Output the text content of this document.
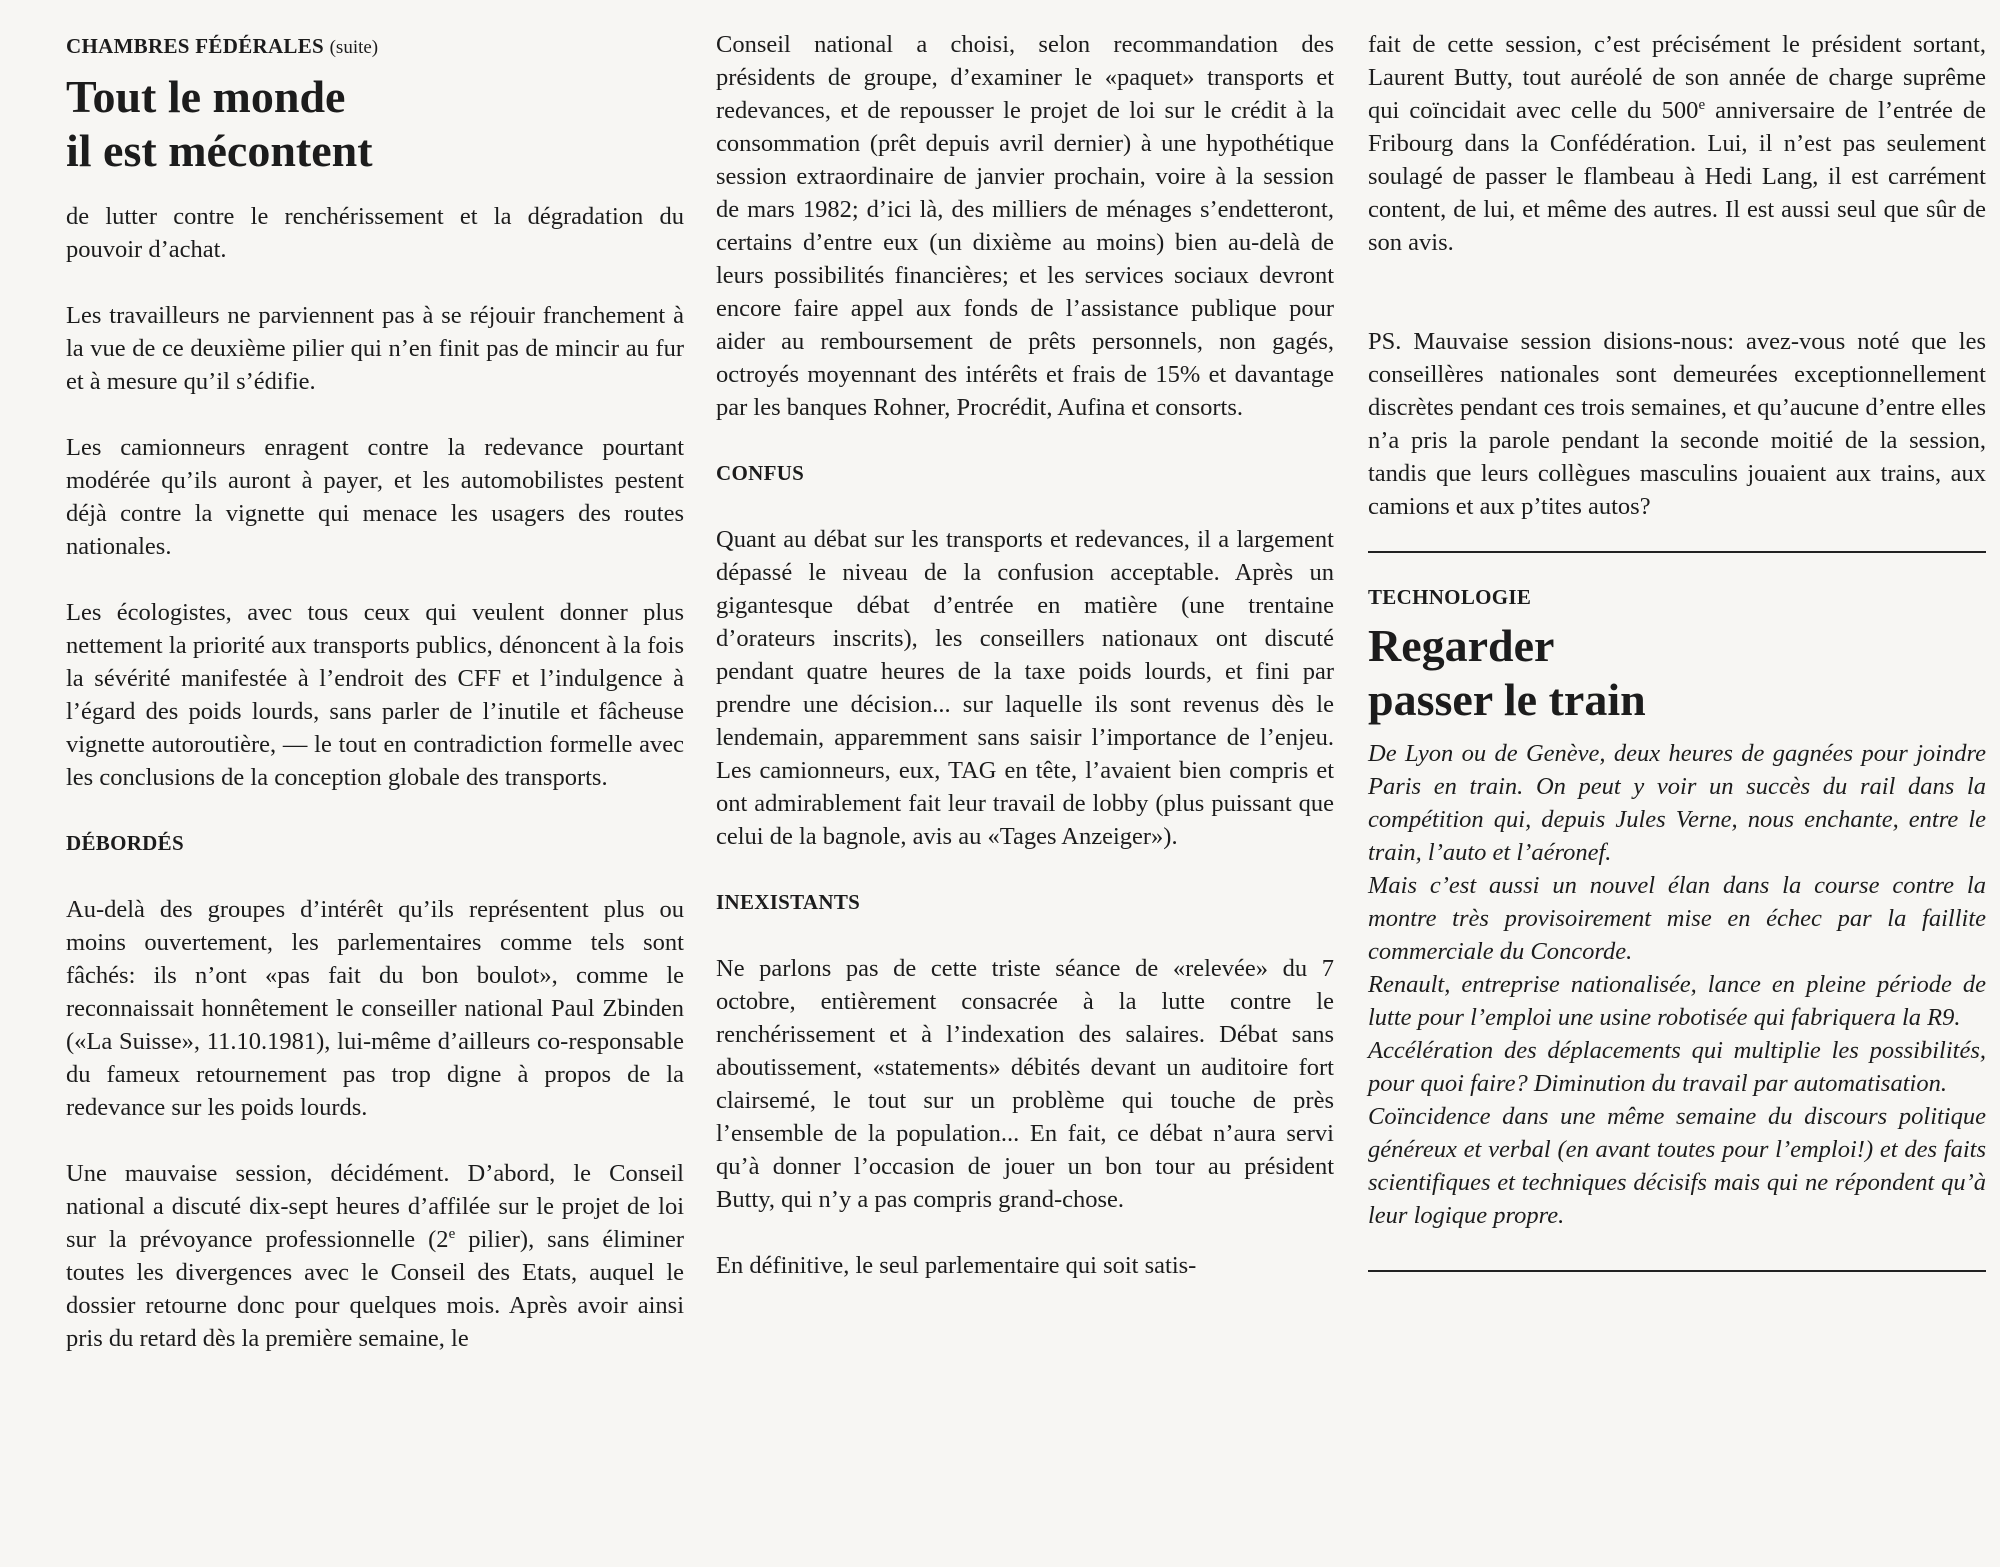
CHAMBRES FÉDÉRALES (suite)
Tout le monde
il est mécontent

de lutter contre le renchérissement et la dégradation du pouvoir d’achat.

Les travailleurs ne parviennent pas à se réjouir franchement à la vue de ce deuxième pilier qui n’en finit pas de mincir au fur et à mesure qu’il s’édifie.

Les camionneurs enragent contre la redevance pourtant modérée qu’ils auront à payer, et les automobilistes pestent déjà contre la vignette qui menace les usagers des routes nationales.

Les écologistes, avec tous ceux qui veulent donner plus nettement la priorité aux transports publics, dénoncent à la fois la sévérité manifestée à l’endroit des CFF et l’indulgence à l’égard des poids lourds, sans parler de l’inutile et fâcheuse vignette autoroutière, — le tout en contradiction formelle avec les conclusions de la conception globale des transports.

DÉBORDÉS

Au-delà des groupes d’intérêt qu’ils représentent plus ou moins ouvertement, les parlementaires comme tels sont fâchés: ils n’ont «pas fait du bon boulot», comme le reconnaissait honnêtement le conseiller national Paul Zbinden («La Suisse», 11.10.1981), lui-même d’ailleurs co-responsable du fameux retournement pas trop digne à propos de la redevance sur les poids lourds.

Une mauvaise session, décidément. D’abord, le Conseil national a discuté dix-sept heures d’affilée sur le projet de loi sur la prévoyance professionnelle (2e pilier), sans éliminer toutes les divergences avec le Conseil des Etats, auquel le dossier retourne donc pour quelques mois. Après avoir ainsi pris du retard dès la première semaine, le

Conseil national a choisi, selon recommandation des présidents de groupe, d’examiner le «paquet» transports et redevances, et de repousser le projet de loi sur le crédit à la consommation (prêt depuis avril dernier) à une hypothétique session extraordinaire de janvier prochain, voire à la session de mars 1982; d’ici là, des milliers de ménages s’endetteront, certains d’entre eux (un dixième au moins) bien au-delà de leurs possibilités financières; et les services sociaux devront encore faire appel aux fonds de l’assistance publique pour aider au remboursement de prêts personnels, non gagés, octroyés moyennant des intérêts et frais de 15% et davantage par les banques Rohner, Procrédit, Aufina et consorts.

CONFUS

Quant au débat sur les transports et redevances, il a largement dépassé le niveau de la confusion acceptable. Après un gigantesque débat d’entrée en matière (une trentaine d’orateurs inscrits), les conseillers nationaux ont discuté pendant quatre heures de la taxe poids lourds, et fini par prendre une décision... sur laquelle ils sont revenus dès le lendemain, apparemment sans saisir l’importance de l’enjeu. Les camionneurs, eux, TAG en tête, l’avaient bien compris et ont admirablement fait leur travail de lobby (plus puissant que celui de la bagnole, avis au «Tages Anzeiger»).

INEXISTANTS

Ne parlons pas de cette triste séance de «relevée» du 7 octobre, entièrement consacrée à la lutte contre le renchérissement et à l’indexation des salaires. Débat sans aboutissement, «statements» débités devant un auditoire fort clairsemé, le tout sur un problème qui touche de près l’ensemble de la population... En fait, ce débat n’aura servi qu’à donner l’occasion de jouer un bon tour au président Butty, qui n’y a pas compris grand-chose.

En définitive, le seul parlementaire qui soit satis-

fait de cette session, c’est précisément le président sortant, Laurent Butty, tout auréolé de son année de charge suprême qui coïncidait avec celle du 500e anniversaire de l’entrée de Fribourg dans la Confédération. Lui, il n’est pas seulement soulagé de passer le flambeau à Hedi Lang, il est carrément content, de lui, et même des autres. Il est aussi seul que sûr de son avis.

PS. Mauvaise session disions-nous: avez-vous noté que les conseillères nationales sont demeurées exceptionnellement discrètes pendant ces trois semaines, et qu’aucune d’entre elles n’a pris la parole pendant la seconde moitié de la session, tandis que leurs collègues masculins jouaient aux trains, aux camions et aux p’tites autos?

TECHNOLOGIE
Regarder
passer le train

De Lyon ou de Genève, deux heures de gagnées pour joindre Paris en train. On peut y voir un succès du rail dans la compétition qui, depuis Jules Verne, nous enchante, entre le train, l’auto et l’aéronef.

Mais c’est aussi un nouvel élan dans la course contre la montre très provisoirement mise en échec par la faillite commerciale du Concorde.

Renault, entreprise nationalisée, lance en pleine période de lutte pour l’emploi une usine robotisée qui fabriquera la R9.

Accélération des déplacements qui multiplie les possibilités, pour quoi faire? Diminution du travail par automatisation.

Coïncidence dans une même semaine du discours politique généreux et verbal (en avant toutes pour l’emploi!) et des faits scientifiques et techniques décisifs mais qui ne répondent qu’à leur logique propre.
